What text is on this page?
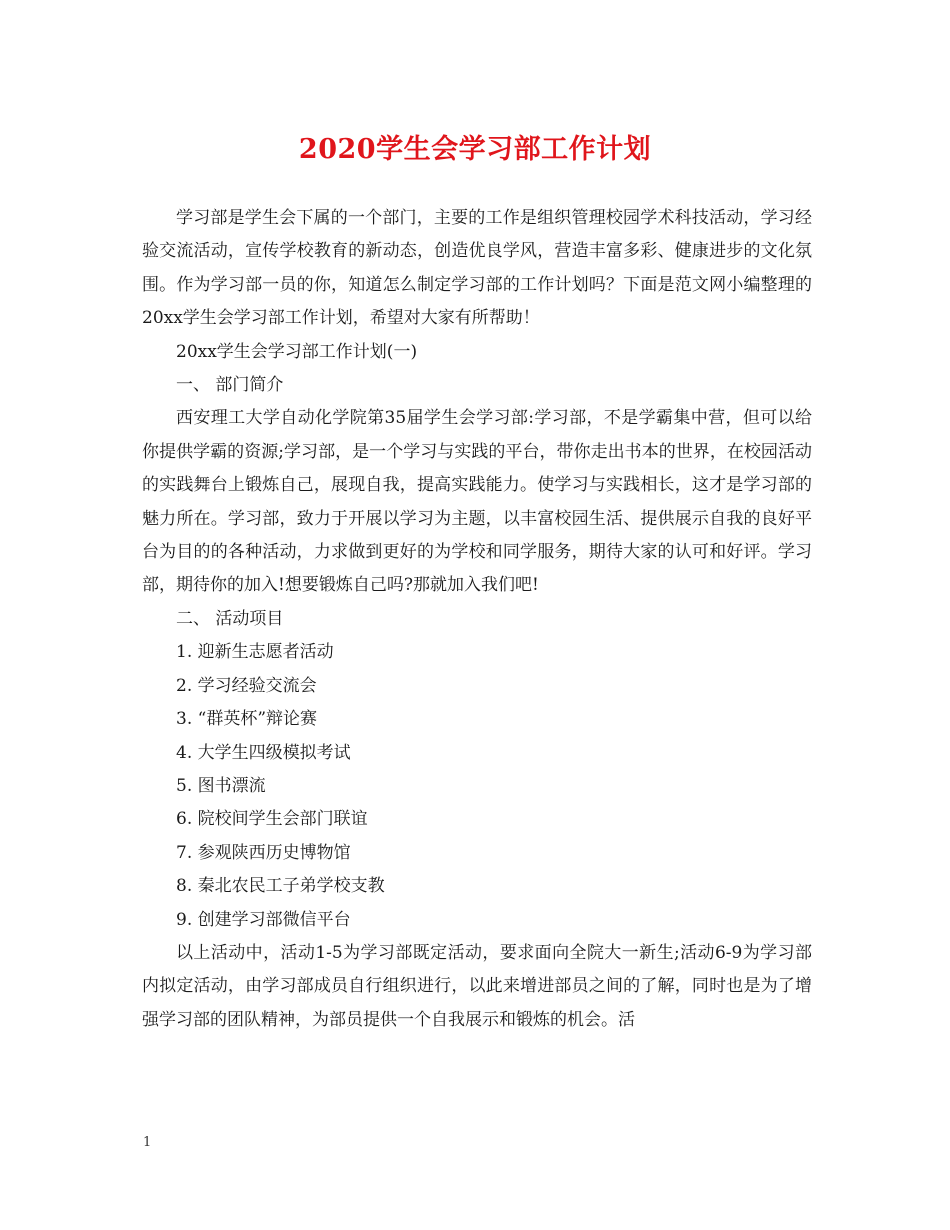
2020学生会学习部工作计划

学习部是学生会下属的一个部门，主要的工作是组织管理校园学术科技活动，学习经验交流活动，宣传学校教育的新动态，创造优良学风，营造丰富多彩、健康进步的文化氛围。作为学习部一员的你，知道怎么制定学习部的工作计划吗？下面是范文网小编整理的20xx学生会学习部工作计划，希望对大家有所帮助！

20xx学生会学习部工作计划(一)

一、 部门简介

西安理工大学自动化学院第35届学生会学习部:学习部，不是学霸集中营，但可以给你提供学霸的资源;学习部，是一个学习与实践的平台，带你走出书本的世界，在校园活动的实践舞台上锻炼自己，展现自我，提高实践能力。使学习与实践相长，这才是学习部的魅力所在。学习部，致力于开展以学习为主题，以丰富校园生活、提供展示自我的良好平台为目的的各种活动，力求做到更好的为学校和同学服务，期待大家的认可和好评。学习部，期待你的加入!想要锻炼自己吗?那就加入我们吧!

二、 活动项目

1. 迎新生志愿者活动

2. 学习经验交流会

3. “群英杯”辩论赛

4. 大学生四级模拟考试

5. 图书漂流

6. 院校间学生会部门联谊

7. 参观陕西历史博物馆

8. 秦北农民工子弟学校支教

9. 创建学习部微信平台

以上活动中，活动1-5为学习部既定活动，要求面向全院大一新生;活动6-9为学习部内拟定活动，由学习部成员自行组织进行，以此来增进部员之间的了解，同时也是为了增强学习部的团队精神，为部员提供一个自我展示和锻炼的机会。活

1
